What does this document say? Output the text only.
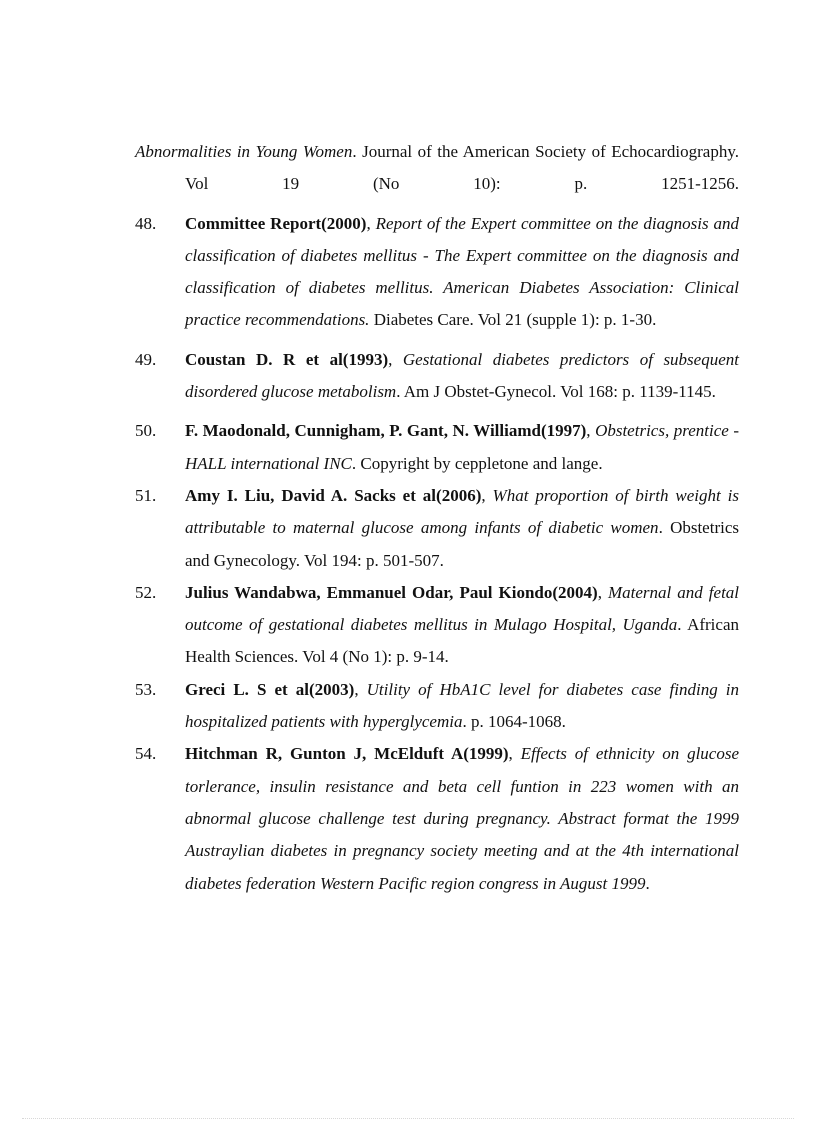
Abnormalities in Young Women. Journal of the American Society of Echocardiography. Vol 19 (No 10): p. 1251-1256.
48.	Committee Report(2000), Report of the Expert committee on the diagnosis and classification of diabetes mellitus - The Expert committee on the diagnosis and classification of diabetes mellitus. American Diabetes Association: Clinical practice recommendations. Diabetes Care. Vol 21 (supple 1): p. 1-30.
49.	Coustan D. R et al(1993), Gestational diabetes predictors of subsequent disordered glucose metabolism. Am J Obstet-Gynecol. Vol 168: p. 1139-1145.
50.	F. Maodonald, Cunnigham, P. Gant, N. Williamd(1997), Obstetrics, prentice - HALL international INC. Copyright by ceppletone and lange.
51.	Amy I. Liu, David A. Sacks et al(2006), What proportion of birth weight is attributable to maternal glucose among infants of diabetic women. Obstetrics and Gynecology. Vol 194: p. 501-507.
52.	Julius Wandabwa, Emmanuel Odar, Paul Kiondo(2004), Maternal and fetal outcome of gestational diabetes mellitus in Mulago Hospital, Uganda. African Health Sciences. Vol 4 (No 1): p. 9-14.
53.	Greci L. S et al(2003), Utility of HbA1C level for diabetes case finding in hospitalized patients with hyperglycemia. p. 1064-1068.
54.	Hitchman R, Gunton J, McElduft A(1999), Effects of ethnicity on glucose torlerance, insulin resistance and beta cell funtion in 223 women with an abnormal glucose challenge test during pregnancy. Abstract format the 1999 Austraylian diabetes in pregnancy society meeting and at the 4th international diabetes federation Western Pacific region congress in August 1999.
